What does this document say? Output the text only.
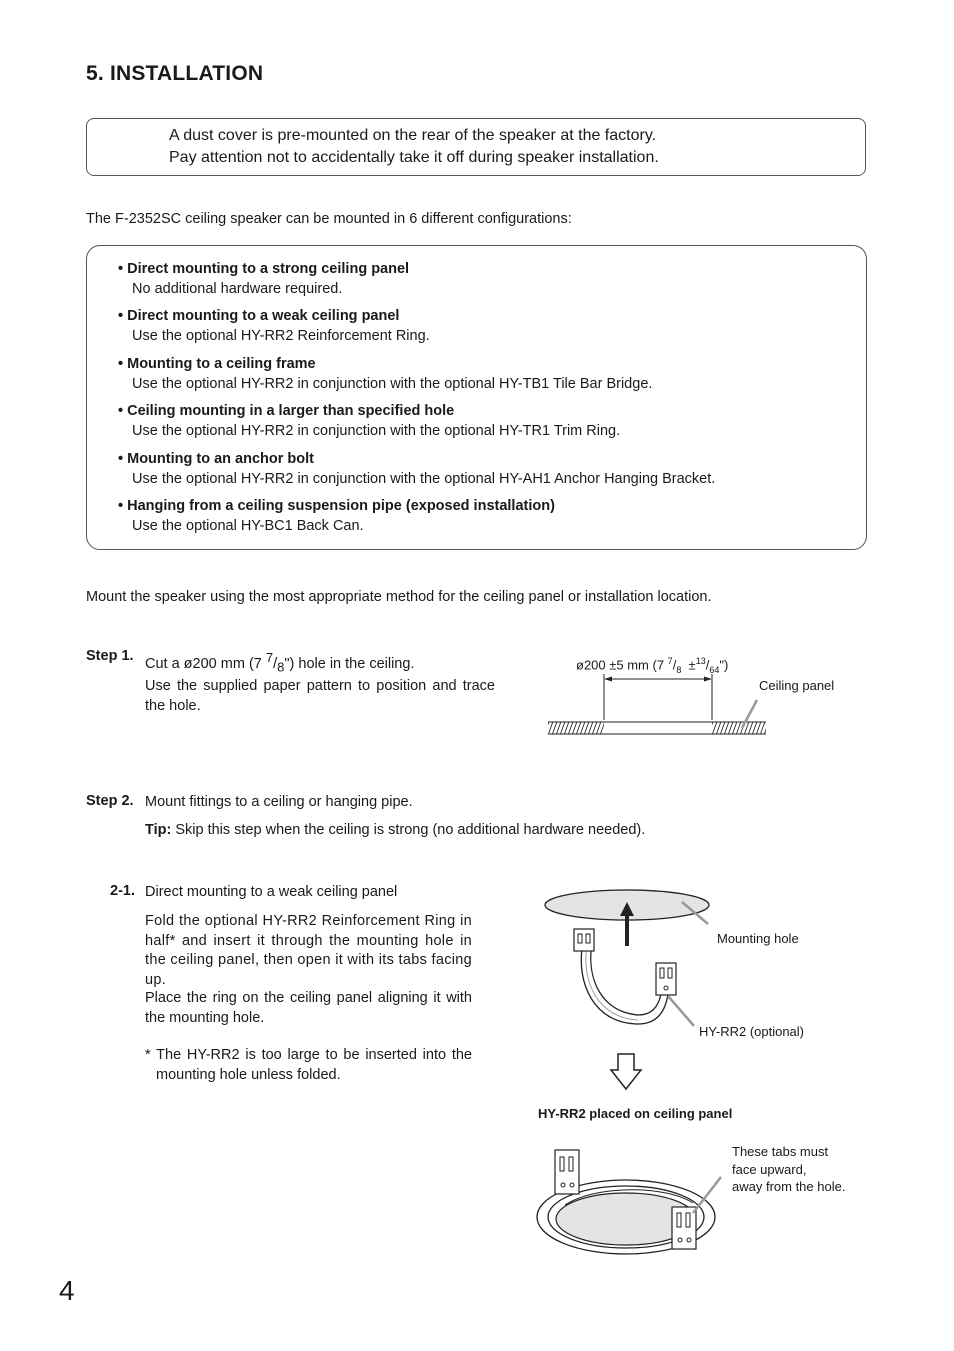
5. INSTALLATION

A dust cover is pre-mounted on the rear of the speaker at the factory.

Pay attention not to accidentally take it off during speaker installation.

The F-2352SC ceiling speaker can be mounted in 6 different configurations:

• Direct mounting to a strong ceiling panel
No additional hardware required.
• Direct mounting to a weak ceiling panel
Use the optional HY-RR2 Reinforcement Ring.
• Mounting to a ceiling frame
Use the optional HY-RR2 in conjunction with the optional HY-TB1 Tile Bar Bridge.
• Ceiling mounting in a larger than specified hole
Use the optional HY-RR2 in conjunction with the optional HY-TR1 Trim Ring.
• Mounting to an anchor bolt
Use the optional HY-RR2 in conjunction with the optional HY-AH1 Anchor Hanging Bracket.
• Hanging from a ceiling suspension pipe (exposed installation)
Use the optional HY-BC1 Back Can.

Mount the speaker using the most appropriate method for the ceiling panel or installation location.

Step 1. Cut a ø200 mm (7 $^7/_8$") hole in the ceiling.
Use the supplied paper pattern to position and trace the hole.
ø200 ±5 mm (7 $^7/_8$  $\pm^{13}/_{64}$")
Ceiling panel
Step 2. Mount fittings to a ceiling or hanging pipe.
Tip: Skip this step when the ceiling is strong (no additional hardware needed).
2-1. Direct mounting to a weak ceiling panel
Fold the optional HY-RR2 Reinforcement Ring in half* and insert it through the mounting hole in the ceiling panel, then open it with its tabs facing up.
Place the ring on the ceiling panel aligning it with the mounting hole.
* The HY-RR2 is too large to be inserted into the mounting hole unless folded.
Mounting hole
HY-RR2 (optional)
HY-RR2 placed on ceiling panel
These tabs must
face upward,
away from the hole.
4
